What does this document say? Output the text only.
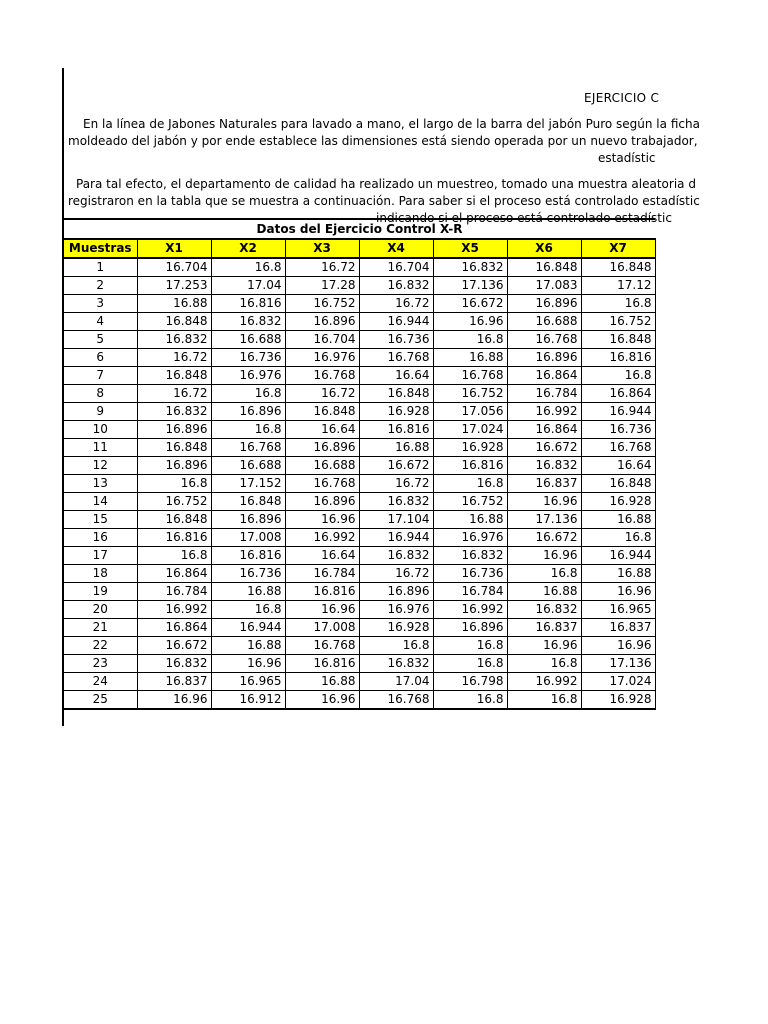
EJERCICIO C
En la línea de Jabones Naturales para lavado a mano, el largo de la barra del jabón Puro según la ficha
moldeado del jabón y por ende establece las dimensiones está siendo operada por un nuevo trabajador,
estadístic
Para tal efecto, el departamento de calidad ha realizado un muestreo, tomado una muestra aleatoria d
registraron en la tabla que se muestra a continuación. Para saber si el proceso está controlado estadístic
indicando si el proceso está controlado estadístic
Datos del Ejercicio Control X-R							
Muestras	X1	X2	X3	X4	X5	X6	X7
1	16.704	16.8	16.72	16.704	16.832	16.848	16.848
2	17.253	17.04	17.28	16.832	17.136	17.083	17.12
3	16.88	16.816	16.752	16.72	16.672	16.896	16.8
4	16.848	16.832	16.896	16.944	16.96	16.688	16.752
5	16.832	16.688	16.704	16.736	16.8	16.768	16.848
6	16.72	16.736	16.976	16.768	16.88	16.896	16.816
7	16.848	16.976	16.768	16.64	16.768	16.864	16.8
8	16.72	16.8	16.72	16.848	16.752	16.784	16.864
9	16.832	16.896	16.848	16.928	17.056	16.992	16.944
10	16.896	16.8	16.64	16.816	17.024	16.864	16.736
11	16.848	16.768	16.896	16.88	16.928	16.672	16.768
12	16.896	16.688	16.688	16.672	16.816	16.832	16.64
13	16.8	17.152	16.768	16.72	16.8	16.837	16.848
14	16.752	16.848	16.896	16.832	16.752	16.96	16.928
15	16.848	16.896	16.96	17.104	16.88	17.136	16.88
16	16.816	17.008	16.992	16.944	16.976	16.672	16.8
17	16.8	16.816	16.64	16.832	16.832	16.96	16.944
18	16.864	16.736	16.784	16.72	16.736	16.8	16.88
19	16.784	16.88	16.816	16.896	16.784	16.88	16.96
20	16.992	16.8	16.96	16.976	16.992	16.832	16.965
21	16.864	16.944	17.008	16.928	16.896	16.837	16.837
22	16.672	16.88	16.768	16.8	16.8	16.96	16.96
23	16.832	16.96	16.816	16.832	16.8	16.8	17.136
24	16.837	16.965	16.88	17.04	16.798	16.992	17.024
25	16.96	16.912	16.96	16.768	16.8	16.8	16.928
